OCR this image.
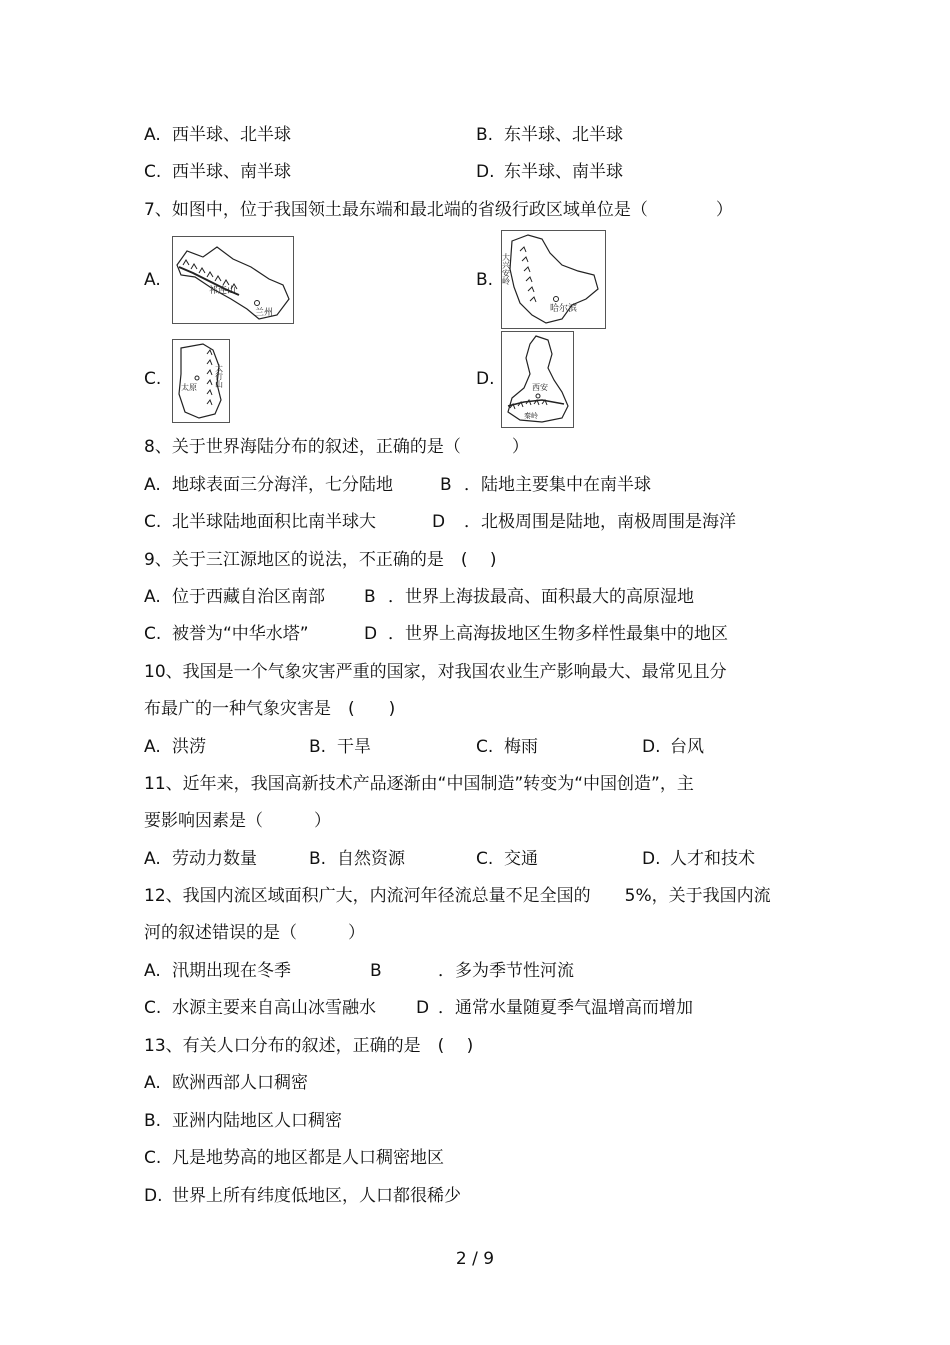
A. 西半球、北半球	B. 东半球、北半球
C. 西半球、南半球	D. 东半球、南半球
7、如图中，位于我国领土最东端和最北端的省级行政区域单位是（　　　　）
A.
祁连山
兰州
B. 大兴安岭
哈尔滨
C. 太原 太行山	D.	西安
秦岭
8、关于世界海陆分布的叙述，正确的是（　　　）
A. 地球表面三分海洋，七分陆地	B ．陆地主要集中在南半球
C. 北半球陆地面积比南半球大	D ．北极周围是陆地，南极周围是海洋
9、关于三江源地区的说法，不正确的是　(　 )
A. 位于西藏自治区南部 B ．世界上海拔最高、面积最大的高原湿地
C. 被誉为“中华水塔”	D ．世界上高海拔地区生物多样性最集中的地区
10、我国是一个气象灾害严重的国家，对我国农业生产影响最大、最常见且分
布最广的一种气象灾害是　(　　)
A. 洪涝	B. 干旱	C. 梅雨	D. 台风
11、近年来，我国高新技术产品逐渐由“中国制造”转变为“中国创造”，主
要影响因素是（　　　）
A. 劳动力数量	B. 自然资源	C. 交通	D. 人才和技术
12、我国内流区域面积广大，内流河年径流总量不足全国的　　5%，关于我国内流
河的叙述错误的是（　　　）
A. 汛期出现在冬季	B	．多为季节性河流
C. 水源主要来自高山冰雪融水 D ．通常水量随夏季气温增高而增加
13、有关人口分布的叙述，正确的是　(　 )
A. 欧洲西部人口稠密
B. 亚洲内陆地区人口稠密
C. 凡是地势高的地区都是人口稠密地区
D. 世界上所有纬度低地区，人口都很稀少
2 / 9
